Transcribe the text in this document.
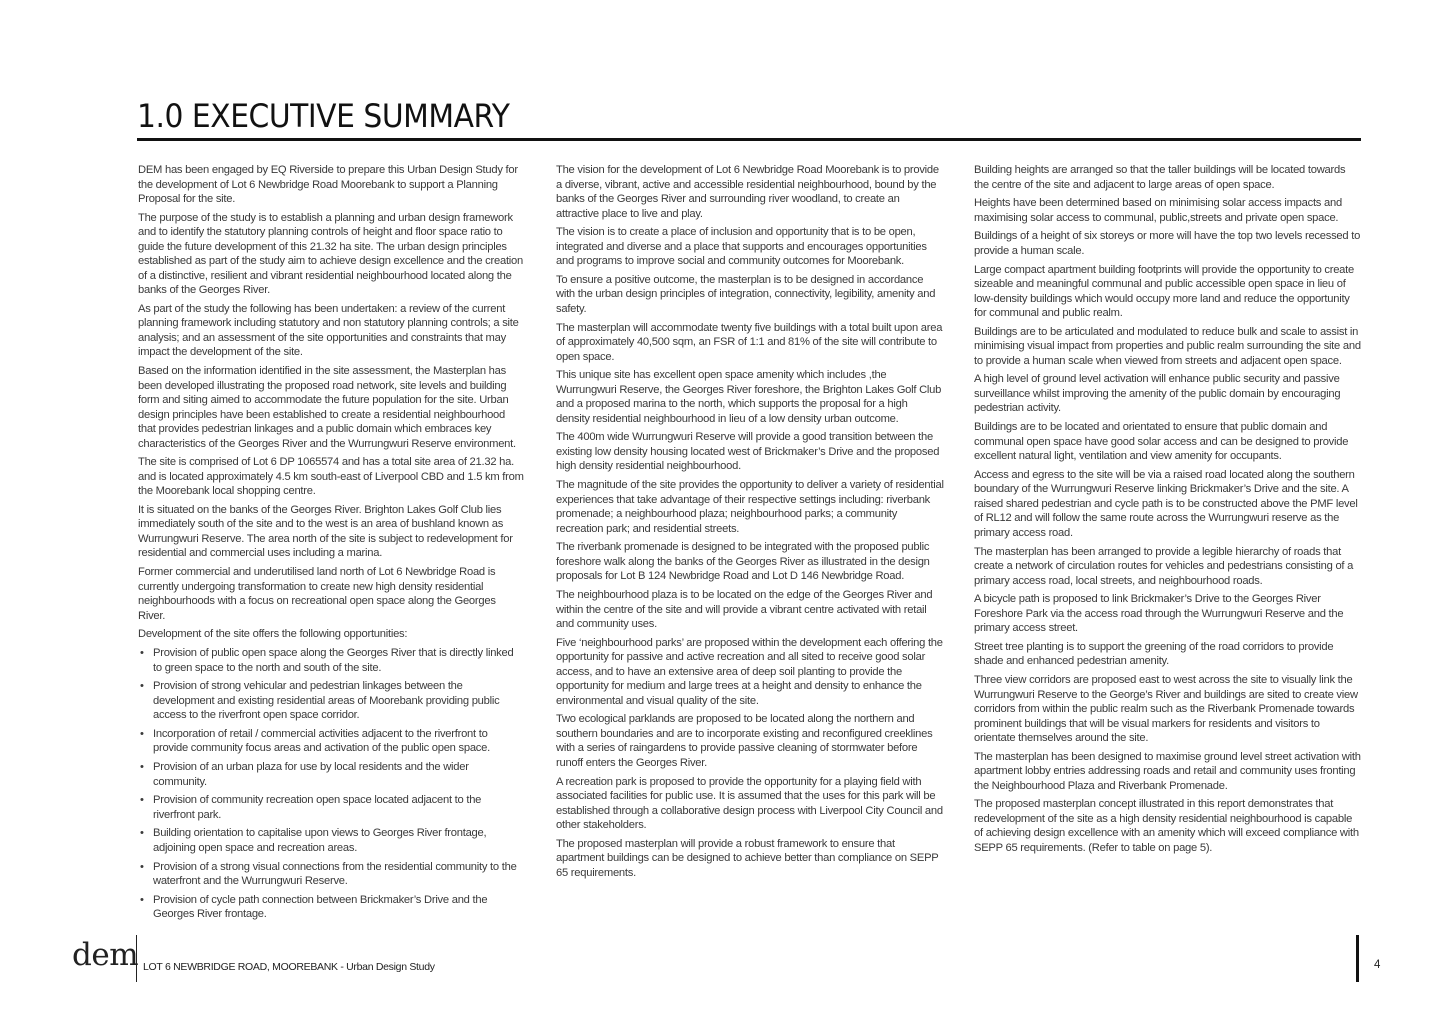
1.0 EXECUTIVE SUMMARY

DEM has been engaged by EQ Riverside to prepare this Urban Design Study for the development of Lot 6 Newbridge Road Moorebank to support a Planning Proposal for the site.

The purpose of the study is to establish a planning and urban design framework and to identify the statutory planning controls of height and floor space ratio to guide the future development of this 21.32 ha site. The urban design principles established as part of the study aim to achieve design excellence and the creation of a distinctive, resilient and vibrant residential neighbourhood located along the banks of the Georges River.

As part of the study the following has been undertaken: a review of the current planning framework including statutory and non statutory planning controls; a site analysis; and an assessment of the site opportunities and constraints that may impact the development of the site.

Based on the information identified in the site assessment, the Masterplan has been developed illustrating the proposed road network, site levels and building form and siting aimed to accommodate the future population for the site. Urban design principles have been established to create a residential neighbourhood that provides pedestrian linkages and a public domain which embraces key characteristics of the Georges River and the Wurrungwuri Reserve environment.

The site is comprised of Lot 6 DP 1065574 and has a total site area of 21.32 ha. and is located approximately 4.5 km south-east of Liverpool CBD and 1.5 km from the Moorebank local shopping centre.

It is situated on the banks of the Georges River. Brighton Lakes Golf Club lies immediately south of the site and to the west is an area of bushland known as Wurrungwuri Reserve. The area north of the site is subject to redevelopment for residential and commercial uses including a marina.

Former commercial and underutilised land north of Lot 6 Newbridge Road is currently undergoing transformation to create new high density residential neighbourhoods with a focus on recreational open space along the Georges River.

Development of the site offers the following opportunities:

• Provision of public open space along the Georges River that is directly linked to green space to the north and south of the site.
• Provision of strong vehicular and pedestrian linkages between the development and existing residential areas of Moorebank providing public access to the riverfront open space corridor.
• Incorporation of retail / commercial activities adjacent to the riverfront to provide community focus areas and activation of the public open space.
• Provision of an urban plaza for use by local residents and the wider community.
• Provision of community recreation open space located adjacent to the riverfront park.
• Building orientation to capitalise upon views to Georges River frontage, adjoining open space and recreation areas.
• Provision of a strong visual connections from the residential community to the waterfront and the Wurrungwuri Reserve.
• Provision of cycle path connection between Brickmaker’s Drive and the Georges River frontage.

The vision for the development of Lot 6 Newbridge Road Moorebank is to provide a diverse, vibrant, active and accessible residential neighbourhood, bound by the banks of the Georges River and surrounding river woodland, to create an attractive place to live and play.

The vision is to create a place of inclusion and opportunity that is to be open, integrated and diverse and a place that supports and encourages opportunities and programs to improve social and community outcomes for Moorebank.

To ensure a positive outcome, the masterplan is to be designed in accordance with the urban design principles of integration, connectivity, legibility, amenity and safety.

The masterplan will accommodate twenty five buildings with a total built upon area of approximately 40,500 sqm, an FSR of 1:1 and 81% of the site will contribute to open space.

This unique site has excellent open space amenity which includes ,the Wurrungwuri Reserve, the Georges River foreshore, the Brighton Lakes Golf Club and a proposed marina to the north, which supports the proposal for a high density residential neighbourhood in lieu of a low density urban outcome.

The 400m wide Wurrungwuri Reserve will provide a good transition between the existing low density housing located west of Brickmaker’s Drive and the proposed high density residential neighbourhood.

The magnitude of the site provides the opportunity to deliver a variety of residential experiences that take advantage of their respective settings including: riverbank promenade; a neighbourhood plaza; neighbourhood parks; a community recreation park; and residential streets.

The riverbank promenade is designed to be integrated with the proposed public foreshore walk along the banks of the Georges River as illustrated in the design proposals for Lot B 124 Newbridge Road and Lot D 146 Newbridge Road.

The neighbourhood plaza is to be located on the edge of the Georges River and within the centre of the site and will provide a vibrant centre activated with retail and community uses.

Five ‘neighbourhood parks’ are proposed within the development each offering the opportunity for passive and active recreation and all sited to receive good solar access, and to have an extensive area of deep soil planting to provide the opportunity for medium and large trees at a height and density to enhance the environmental and visual quality of the site.

Two ecological parklands are proposed to be located along the northern and southern boundaries and are to incorporate existing and reconfigured creeklines with a series of raingardens to provide passive cleaning of stormwater before runoff enters the Georges River.

A recreation park is proposed to provide the opportunity for a playing field with associated facilities for public use. It is assumed that the uses for this park will be established through a collaborative design process with Liverpool City Council and other stakeholders.

The proposed masterplan will provide a robust framework to ensure that apartment buildings can be designed to achieve better than compliance on SEPP 65 requirements.

Building heights are arranged so that the taller buildings will be located towards the centre of the site and adjacent to large areas of open space.

Heights have been determined based on minimising solar access impacts and maximising solar access to communal, public,streets and private open space.

Buildings of a height of six storeys or more will have the top two levels recessed to provide a human scale.

Large compact apartment building footprints will provide the opportunity to create sizeable and meaningful communal and public accessible open space in lieu of low-density buildings which would occupy more land and reduce the opportunity for communal and public realm.

Buildings are to be articulated and modulated to reduce bulk and scale to assist in minimising visual impact from properties and public realm surrounding the site and to provide a human scale when viewed from streets and adjacent open space.

A high level of ground level activation will enhance public security and passive surveillance whilst improving the amenity of the public domain by encouraging pedestrian activity.

Buildings are to be located and orientated to ensure that public domain and communal open space have good solar access and can be designed to provide excellent natural light, ventilation and view amenity for occupants.

Access and egress to the site will be via a raised road located along the southern boundary of the Wurrungwuri Reserve linking Brickmaker’s Drive and the site. A raised shared pedestrian and cycle path is to be constructed above the PMF level of RL12 and will follow the same route across the Wurrungwuri reserve as the primary access road.

The masterplan has been arranged to provide a legible hierarchy of roads that create a network of circulation routes for vehicles and pedestrians consisting of a primary access road, local streets, and neighbourhood roads.

A bicycle path is proposed to link Brickmaker’s Drive to the Georges River Foreshore Park via the access road through the Wurrungwuri Reserve and the primary access street.

Street tree planting is to support the greening of the road corridors to provide shade and enhanced pedestrian amenity.

Three view corridors are proposed east to west across the site to visually link the Wurrungwuri Reserve to the George’s River and buildings are sited to create view corridors from within the public realm such as the Riverbank Promenade towards prominent buildings that will be visual markers for residents and visitors to orientate themselves around the site.

The masterplan has been designed to maximise ground level street activation with apartment lobby entries addressing roads and retail and community uses fronting the Neighbourhood Plaza and Riverbank Promenade.

The proposed masterplan concept illustrated in this report demonstrates that redevelopment of the site as a high density residential neighbourhood is capable of achieving design excellence with an amenity which will exceed compliance with SEPP 65 requirements. (Refer to table on page 5).

dem LOT 6 NEWBRIDGE ROAD, MOOREBANK - Urban Design Study	4
